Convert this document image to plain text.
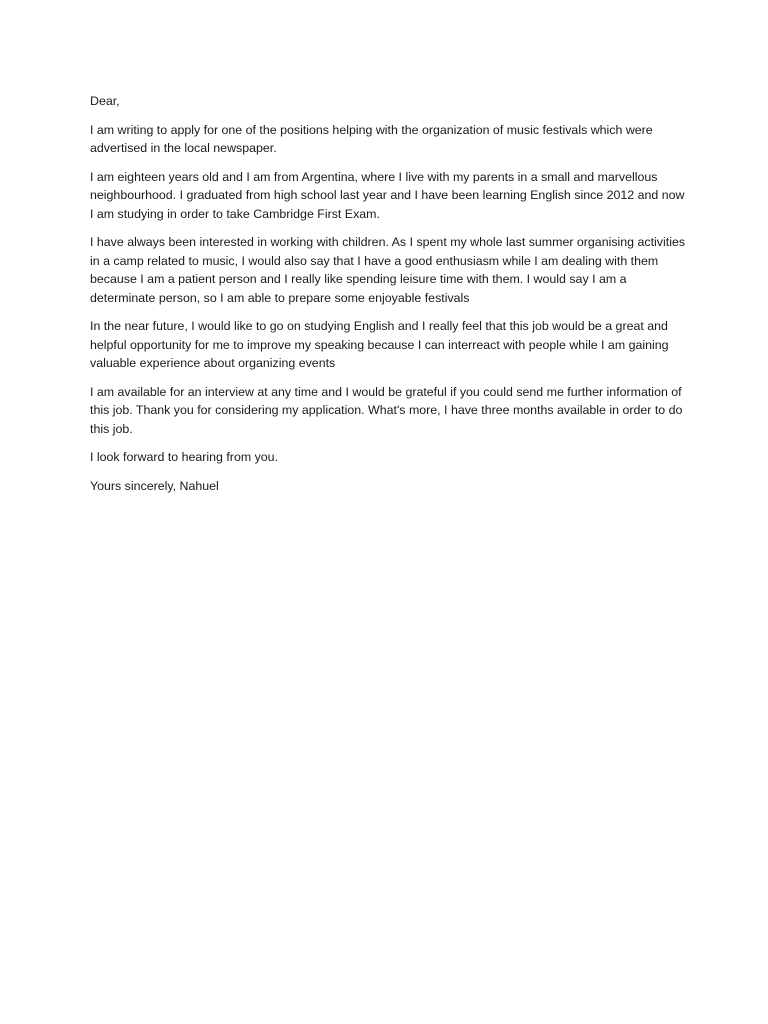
Dear,

I am writing to apply for one of the positions helping with the organization of music festivals which were advertised in the local newspaper.

I am eighteen years old and I am from Argentina, where I live with my parents in a small and marvellous neighbourhood. I graduated from high school last year and I have been learning English since 2012 and now I am studying in order to take Cambridge First Exam.

I have always been interested in working with children. As I spent my whole last summer organising activities in a camp related to music, I would also say that I have a good enthusiasm while I am dealing with them because I am a patient person and I really like spending leisure time with them. I would say I am a determinate person, so I am able to prepare some enjoyable festivals

In the near future, I would like to go on studying English and I really feel that this job would be a great and helpful opportunity for me to improve my speaking because I can interreact with people while I am gaining valuable experience about organizing events

I am available for an interview at any time and I would be grateful if you could send me further information of this job. Thank you for considering my application. What's more, I have three months available in order to do this job.

I look forward to hearing from you.

Yours sincerely, Nahuel
